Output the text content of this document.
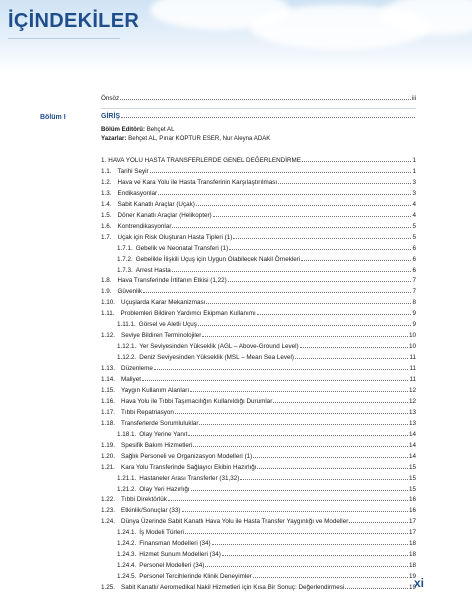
İÇİNDEKİLER
Önsöz	iii
Bölüm I	GİRİŞ
Bölüm Editörü: Behçet AL
Yazarlar: Behçet AL, Pınar KOPTUR ESER, Nur Aleyna ADAK
1. HAVA YOLU HASTA TRANSFERLERDE GENEL DEĞERLENDİRME	1
1.1. Tarihi Seyir	1
1.2. Hava ve Kara Yolu ile Hasta Transferinin Karşılaştırılması	3
1.3. Endikasyonlar	3
1.4. Sabit Kanatlı Araçlar (Uçak)	4
1.5. Döner Kanatlı Araçlar (Helikopter)	4
1.6. Kontrendikasyonlar	5
1.7. Uçak için Risk Oluşturan Hasta Tipleri (1)	5
1.7.1. Gebelik ve Neonatal Transferi (1)	6
1.7.2. Gebelikle İlişkili Uçuş için Uygun Olabilecek Nakil Örnekleri	6
1.7.3. Arrest Hasta	6
1.8. Hava Transferinde İrtifanın Etkisi (1,22)	7
1.9. Güvenlik	7
1.10. Uçuşlarda Karar Mekanizması	8
1.11. Problemleri Bildiren Yardımcı Ekipman Kullanımı	9
1.11.1. Görsel ve Aletli Uçuş	9
1.12. Seviye Bildiren Terminolojiler	10
1.12.1. Yer Seviyesinden Yükseklik (AGL – Above-Ground Level)	10
1.12.2. Deniz Seviyesinden Yükseklik (MSL – Mean Sea Level)	11
1.13. Düzenleme	11
1.14. Maliyet	11
1.15. Yaygın Kullanım Alanları	12
1.16. Hava Yolu ile Tıbbi Taşımacılığın Kullanıldığı Durumlar	12
1.17. Tıbbi Repatriasyon	13
1.18. Transferlerde Sorumluluklar	13
1.18.1. Olay Yerine Yanıt	14
1.19. Spesifik Bakım Hizmetleri	14
1.20. Sağlık Personeli ve Organizasyon Modelleri (1)	14
1.21. Kara Yolu Transferinde Sağlayıcı Ekibin Hazırlığı	15
1.21.1. Hastaneler Arası Transferler (31,32)	15
1.21.2. Olay Yeri Hazırlığı	15
1.22. Tıbbi Direktörlük	16
1.23. Etkinlik/Sonuçlar (33)	16
1.24. Dünya Üzerinde Sabit Kanatlı Hava Yolu ile Hasta Transfer Yaygınlığı ve Modeller	17
1.24.1. İş Modeli Türleri	17
1.24.2. Finansman Modelleri (34)	18
1.24.3. Hizmet Sunum Modelleri (34)	18
1.24.4. Personel Modelleri (34)	18
1.24.5. Personel Tercihlerinde Klinik Deneyimler	19
1.25. Sabit Kanatlı/ Aeromedikal Nakil Hizmetleri için Kısa Bir Sonuç: Değerlendirmesi	19
xi
